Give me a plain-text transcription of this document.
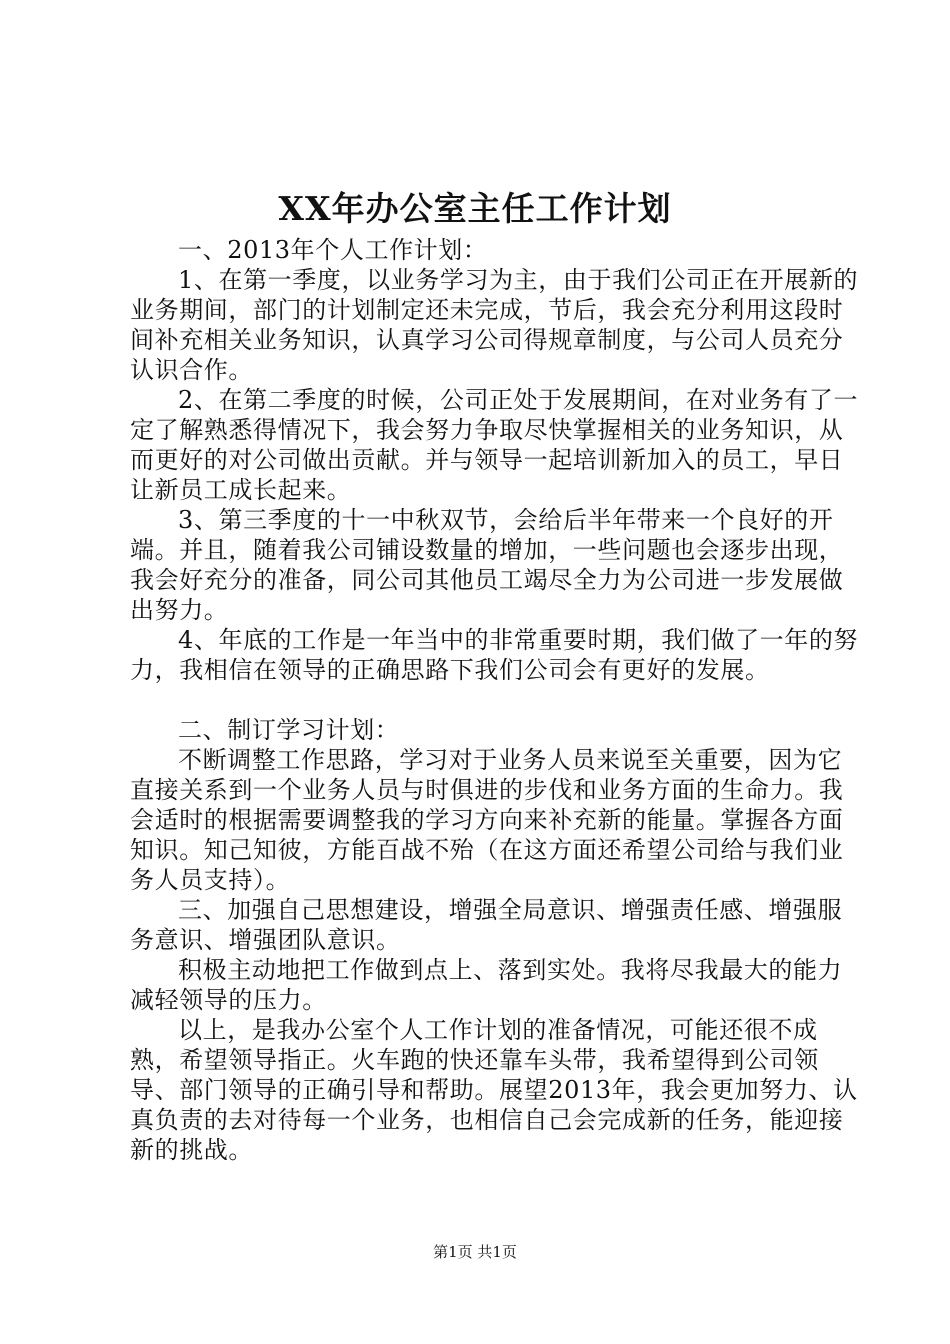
XX年办公室主任工作计划

一、2013年个人工作计划：

1、在第一季度，以业务学习为主，由于我们公司正在开展新的业务期间，部门的计划制定还未完成，节后，我会充分利用这段时间补充相关业务知识，认真学习公司得规章制度，与公司人员充分认识合作。

2、在第二季度的时候，公司正处于发展期间，在对业务有了一定了解熟悉得情况下，我会努力争取尽快掌握相关的业务知识，从而更好的对公司做出贡献。并与领导一起培训新加入的员工，早日让新员工成长起来。

3、第三季度的十一中秋双节，会给后半年带来一个良好的开端。并且，随着我公司铺设数量的增加，一些问题也会逐步出现，我会好充分的准备，同公司其他员工竭尽全力为公司进一步发展做出努力。

4、年底的工作是一年当中的非常重要时期，我们做了一年的努力，我相信在领导的正确思路下我们公司会有更好的发展。

二、制订学习计划：

不断调整工作思路，学习对于业务人员来说至关重要，因为它直接关系到一个业务人员与时俱进的步伐和业务方面的生命力。我会适时的根据需要调整我的学习方向来补充新的能量。掌握各方面知识。知己知彼，方能百战不殆（在这方面还希望公司给与我们业务人员支持）。

三、加强自己思想建设，增强全局意识、增强责任感、增强服务意识、增强团队意识。

积极主动地把工作做到点上、落到实处。我将尽我最大的能力减轻领导的压力。

以上，是我办公室个人工作计划的准备情况，可能还很不成熟，希望领导指正。火车跑的快还靠车头带，我希望得到公司领导、部门领导的正确引导和帮助。展望2013年，我会更加努力、认真负责的去对待每一个业务，也相信自己会完成新的任务，能迎接新的挑战。

第1页 共1页
